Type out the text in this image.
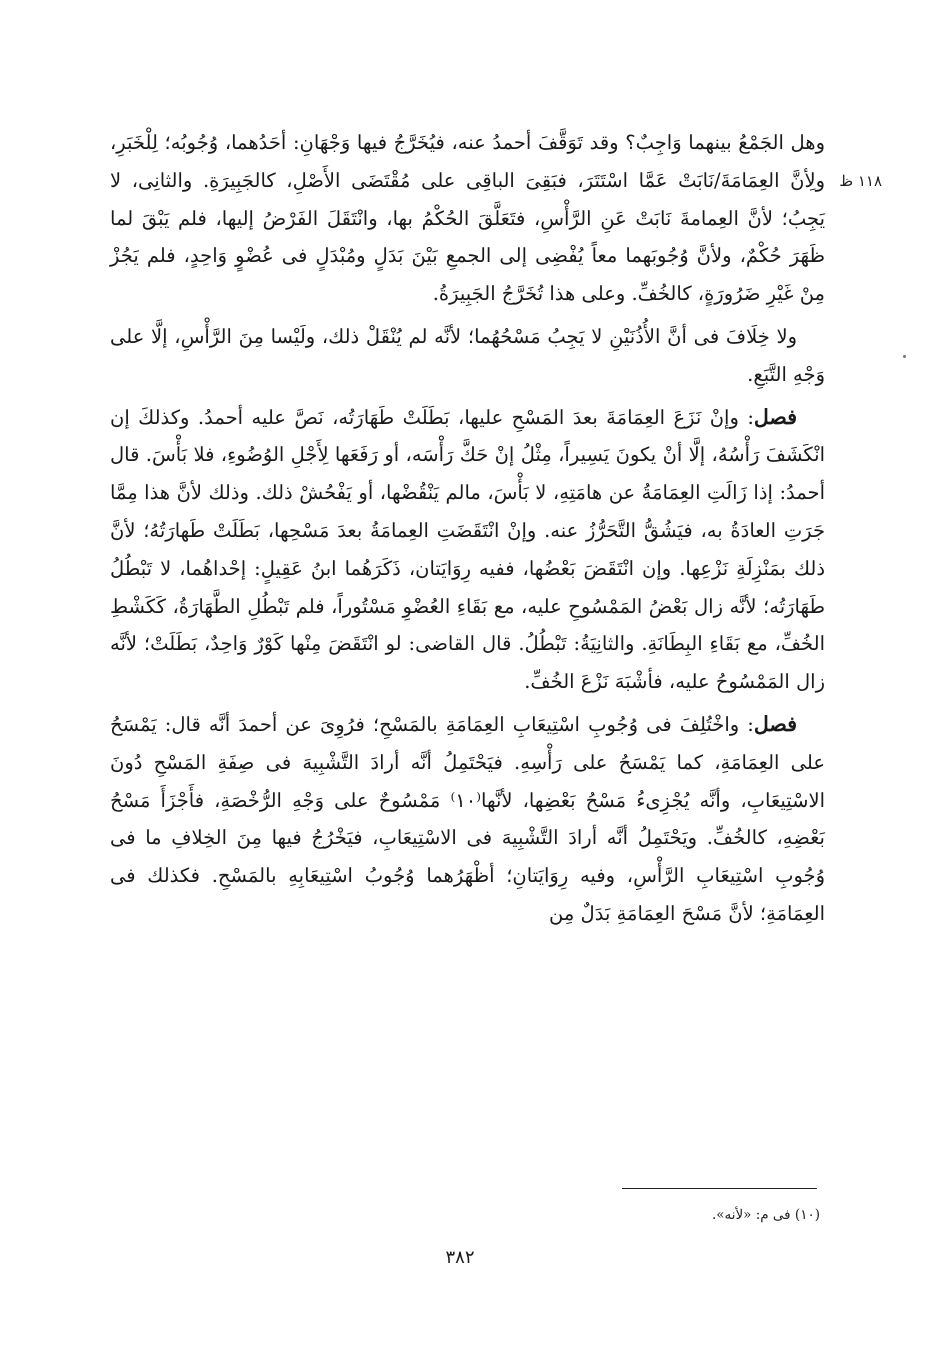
١١٨ ظ

وهل الجَمْعُ بينهما وَاجِبٌ؟ وقد تَوَقَّفَ أحمدُ عنه، فيُخَرَّجُ فيها وَجْهَانِ: أحَدُهما، وُجُوبُه؛ لِلْخَبَرِ، ولِأنَّ العِمَامَةَ/نَابَتْ عَمَّا اسْتَتَرَ، فبَقِىَ الباقِى على مُقْتَضَى الأَصْلِ، كالجَبِيرَةِ. والثانِى، لا يَجِبُ؛ لأنَّ العِمامةَ نَابَتْ عَنِ الرَّأْسِ، فتَعَلَّقَ الحُكْمُ بها، وانْتَقَلَ الفَرْضُ إليها، فلم يَبْقَ لما ظَهَرَ حُكْمٌ، ولأنَّ وُجُوبَهما معاً يُفْضِى إلى الجمعِ بَيْنَ بَدَلٍ ومُبْدَلٍ فى عُضْوٍ وَاحِدٍ، فلم يَجُزْ مِنْ غَيْرِ ضَرُورَةٍ، كالخُفِّ. وعلى هذا تُخَرَّجُ الجَبِيرَةُ.

ولا خِلَافَ فى أنَّ الأُذُنَيْنِ لا يَجِبُ مَسْحُهُما؛ لأنَّه لم يُنْقَلْ ذلك، ولَيْسا مِنَ الرَّأْسِ، إلَّا على وَجْهِ التَّبَعِ.

فصل: وإنْ نَزَعَ العِمَامَةَ بعدَ المَسْحِ عليها، بَطَلَتْ طَهَارَتُه، نَصَّ عليه أحمدُ. وكذلكَ إن انْكَشَفَ رَأْسُهُ، إلَّا أنْ يكونَ يَسِيراً، مِثْلُ إنْ حَكَّ رَأْسَه، أو رَفَعَها لِأَجْلِ الوُضُوءِ، فلا بَأْسَ. قال أحمدُ: إذا زَالَتِ العِمَامَةُ عن هامَتِهِ، لا بَأْسَ، مالم يَنْقُضْها، أو يَفْحُشْ ذلك. وذلك لأنَّ هذا مِمَّا جَرَتِ العادَةُ به، فيَشُقُّ التَّحَرُّزُ عنه. وإنْ انْتَقَضَتِ العِمامَةُ بعدَ مَسْحِها، بَطَلَتْ طَهارَتُهُ؛ لأنَّ ذلك بمَنْزِلَةِ نَزْعِها. وإن انْتَقَضَ بَعْضُها، ففيه رِوَايَتان، ذَكَرَهُما ابنُ عَقِيلٍ: إحْداهُما، لا تَبْطُلُ طَهَارَتُه؛ لأنَّه زال بَعْضُ المَمْسُوحِ عليه، مع بَقَاءِ العُضْوِ مَسْتُوراً، فلم تَبْطُلِ الطَّهَارَةُ، كَكَشْطِ الخُفِّ، مع بَقَاءِ البِطَانَةِ. والثانِيَةُ: تَبْطُلُ. قال القاضى: لو انْتَقَضَ مِنْها كَوْرٌ وَاحِدٌ، بَطَلَتْ؛ لأنَّه زال المَمْسُوحُ عليه، فأشْبَهَ نَزْعَ الخُفِّ.

فصل: واخْتُلِفَ فى وُجُوبِ اسْتِيعَابِ العِمَامَةِ بالمَسْحِ؛ فرُوِىَ عن أحمدَ أنَّه قال: يَمْسَحُ على العِمَامَةِ، كما يَمْسَحُ على رَأْسِهِ. فيَحْتَمِلُ أنَّه أرادَ التَّشْبِيهَ فى صِفَةِ المَسْحِ دُونَ الاسْتِيعَابِ، وأنَّه يُجْزِىءُ مَسْحُ بَعْضِها، لأنَّها⁽١٠⁾ مَمْسُوحٌ على وَجْهِ الرُّخْصَةِ، فأَجْزَأَ مَسْحُ بَعْضِهِ، كالخُفِّ. ويَحْتَمِلُ أنَّه أرادَ التَّشْبِيهَ فى الاسْتِيعَابِ، فيَخْرُجُ فيها مِنَ الخِلافِ ما فى وُجُوبِ اسْتِيعَابِ الرَّأْسِ، وفيه رِوَايَتانِ؛ أظْهَرُهما وُجُوبُ اسْتِيعَابِهِ بالمَسْحِ. فكذلك فى العِمَامَةِ؛ لأنَّ مَسْحَ العِمَامَةِ بَدَلٌ مِن

(١٠) فى م: «لأنه».
٣٨٢
